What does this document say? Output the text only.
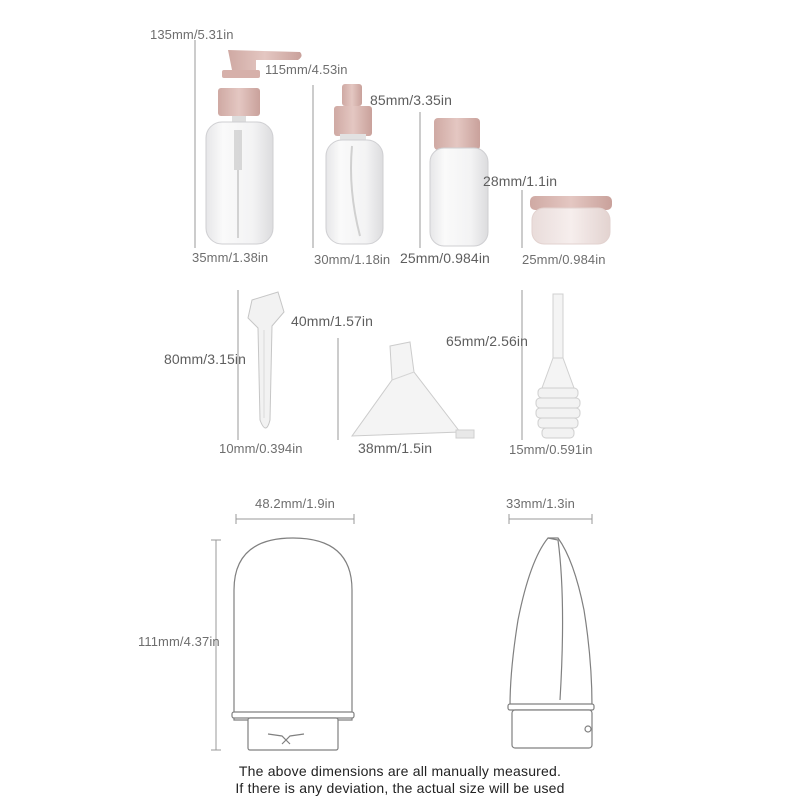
135mm/5.31in
115mm/4.53in
85mm/3.35in
28mm/1.1in
35mm/1.38in	30mm/1.18in 25mm/0.984in 25mm/0.984in
80mm/3.15in
40mm/1.57in
65mm/2.56in
10mm/0.394in	38mm/1.5in	15mm/0.591in
48.2mm/1.9in	33mm/1.3in
111mm/4.37in
The above dimensions are all manually measured.
If there is any deviation, the actual size will be used
